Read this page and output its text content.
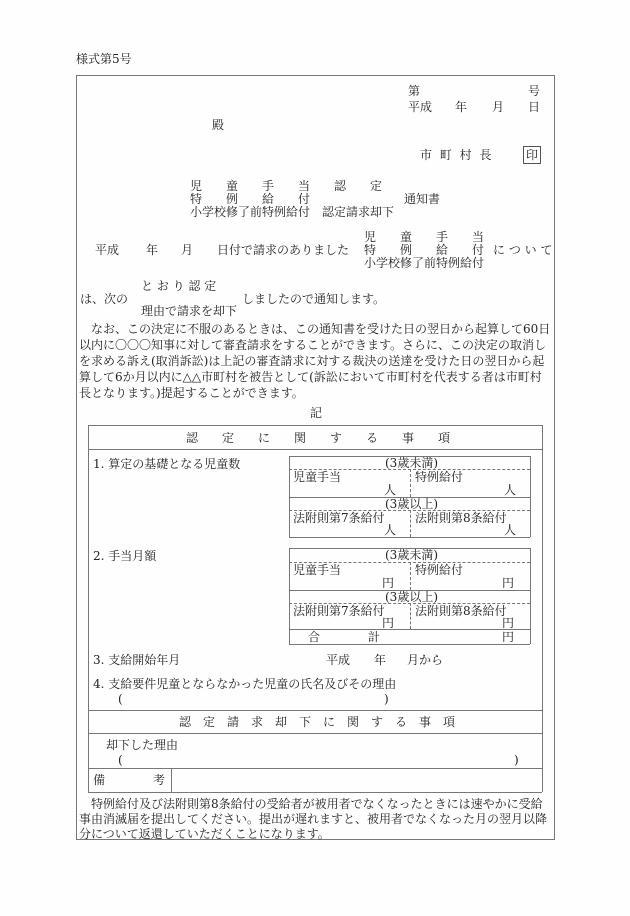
様式第5号
第	号
平成 年 月 日
殿
市 町 村 長	印
児　　童　　手　　当　　認　　定
特　　例　　給　　付
小学校修了前特例給付　認定請求却下
通知書
平成 年 月 日付で請求のありました
児　　童　　手　　当
特　　例　　給　　付
小学校修了前特例給付
に つ い て
は、次の
と お り 認 定
理由で請求を却下
しましたので通知します。
　なお、この決定に不服のあるときは、この通知書を受けた日の翌日から起算して60日
以内に〇〇〇知事に対して審査請求をすることができます。さらに、この決定の取消し
を求める訴え(取消訴訟)は上記の審査請求に対する裁決の送達を受けた日の翌日から起
算して6か月以内に△△市町村を被告として(訴訟において市町村を代表する者は市町村
長となります。)提起することができます。
記
認　　定　　に　　関　　す　　る　　事　　項
1. 算定の基礎となる児童数	(3歳未満)
児童手当	特例給付
人	人
(3歳以上)
法附則第7条給付	法附則第8条給付
人	人
2. 手当月額	(3歳未満)
児童手当	特例給付
円	円
(3歳以上)
法附則第7条給付	法附則第8条給付
円	円
合　　　　計	円
3. 支給開始年月	平成 年 月から
4. 支給要件児童とならなかった児童の氏名及びその理由
(	)
認　定　請　求　却　下　に　関　す　る　事　項
却下した理由
(	)
備	考
　特例給付及び法附則第8条給付の受給者が被用者でなくなったときには速やかに受給
事由消滅届を提出してください。提出が遅れますと、被用者でなくなった月の翌月以降
分について返還していただくことになります。
